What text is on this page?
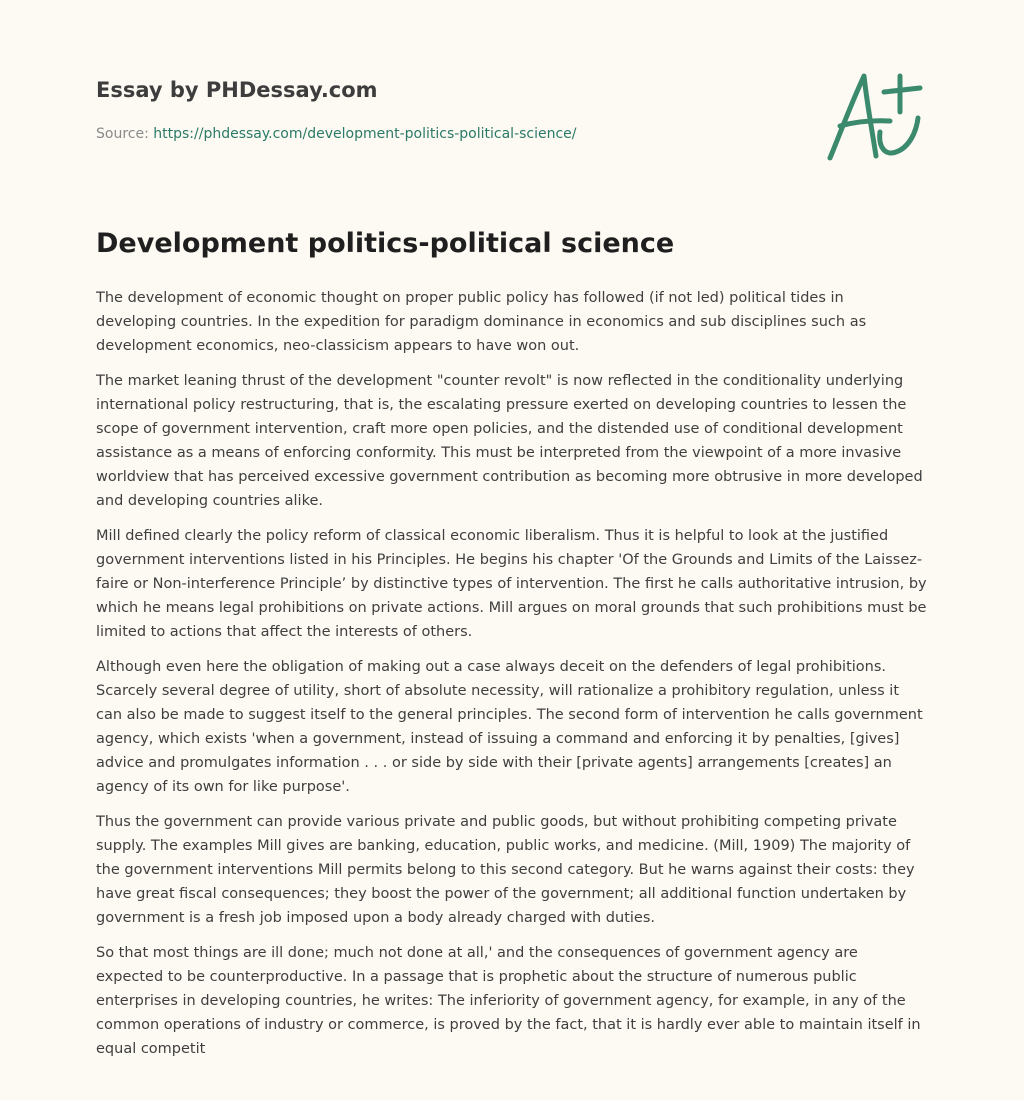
Essay by PHDessay.com
Source: https://phdessay.com/development-politics-political-science/
Development politics-political science

The development of economic thought on proper public policy has followed (if not led) political tides in developing countries. In the expedition for paradigm dominance in economics and sub disciplines such as development economics, neo-classicism appears to have won out.

The market leaning thrust of the development "counter revolt" is now reflected in the conditionality underlying international policy restructuring, that is, the escalating pressure exerted on developing countries to lessen the scope of government intervention, craft more open policies, and the distended use of conditional development assistance as a means of enforcing conformity. This must be interpreted from the viewpoint of a more invasive worldview that has perceived excessive government contribution as becoming more obtrusive in more developed and developing countries alike.

Mill defined clearly the policy reform of classical economic liberalism. Thus it is helpful to look at the justified government interventions listed in his Principles. He begins his chapter 'Of the Grounds and Limits of the Laissez-faire or Non-interference Principle’ by distinctive types of intervention. The first he calls authoritative intrusion, by which he means legal prohibitions on private actions. Mill argues on moral grounds that such prohibitions must be limited to actions that affect the interests of others.

Although even here the obligation of making out a case always deceit on the defenders of legal prohibitions. Scarcely several degree of utility, short of absolute necessity, will rationalize a prohibitory regulation, unless it can also be made to suggest itself to the general principles. The second form of intervention he calls government agency, which exists 'when a government, instead of issuing a command and enforcing it by penalties, [gives] advice and promulgates information . . . or side by side with their [private agents] arrangements [creates] an agency of its own for like purpose'.

Thus the government can provide various private and public goods, but without prohibiting competing private supply. The examples Mill gives are banking, education, public works, and medicine. (Mill, 1909) The majority of the government interventions Mill permits belong to this second category. But he warns against their costs: they have great fiscal consequences; they boost the power of the government; all additional function undertaken by government is a fresh job imposed upon a body already charged with duties.

So that most things are ill done; much not done at all,' and the consequences of government agency are expected to be counterproductive. In a passage that is prophetic about the structure of numerous public enterprises in developing countries, he writes: The inferiority of government agency, for example, in any of the common operations of industry or commerce, is proved by the fact, that it is hardly ever able to maintain itself in equal competit
